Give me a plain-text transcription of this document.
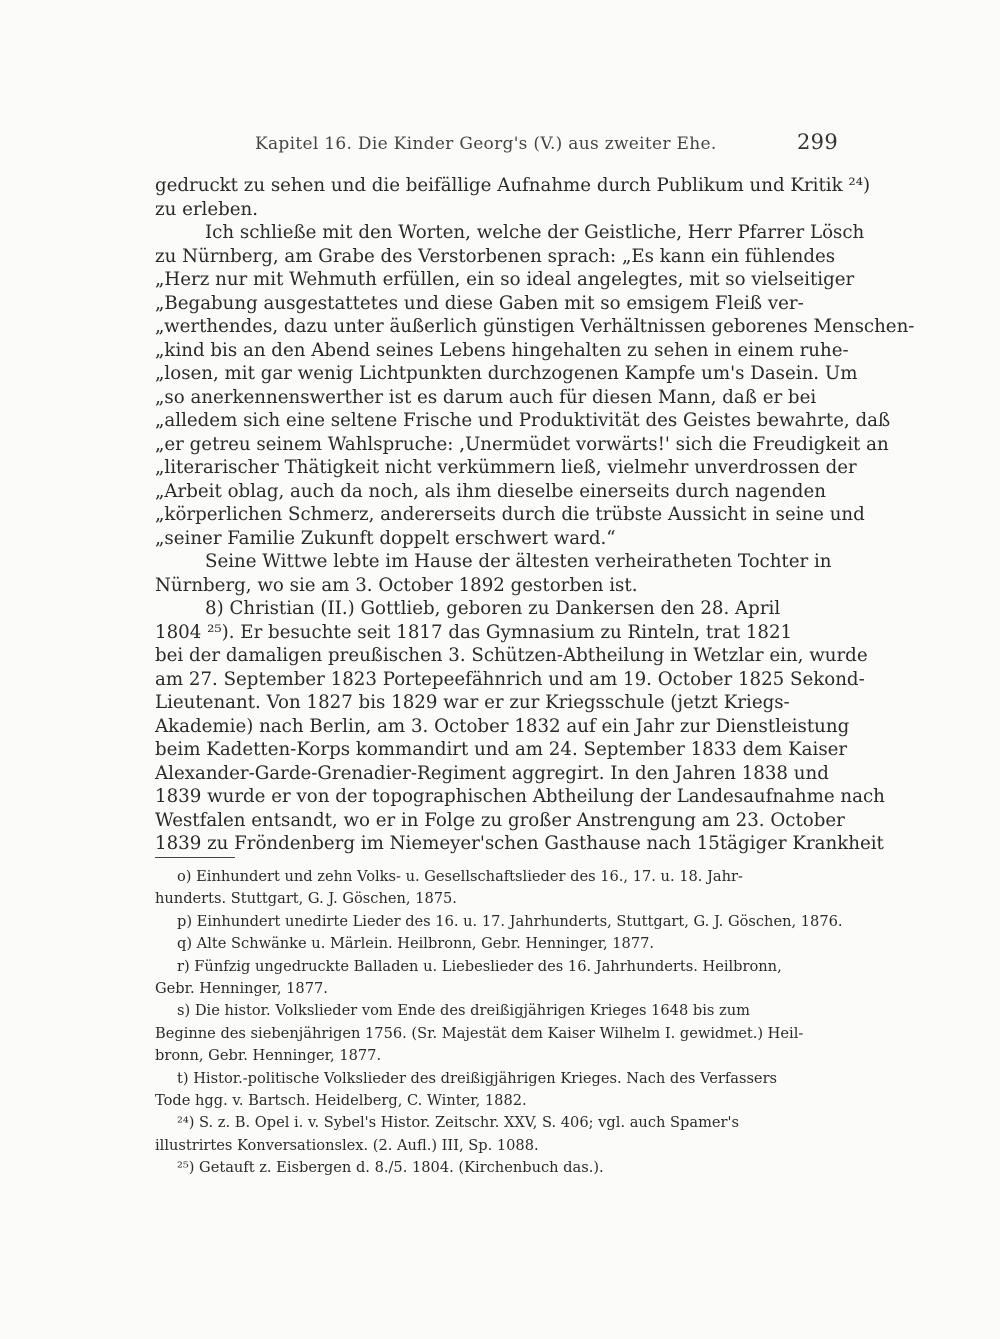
Kapitel 16. Die Kinder Georg's (V.) aus zweiter Ehe.	299
gedruckt zu sehen und die beifällige Aufnahme durch Publikum und Kritik ²⁴)
zu erleben.
Ich schließe mit den Worten, welche der Geistliche, Herr Pfarrer Lösch
zu Nürnberg, am Grabe des Verstorbenen sprach: „Es kann ein fühlendes
„Herz nur mit Wehmuth erfüllen, ein so ideal angelegtes, mit so vielseitiger
„Begabung ausgestattetes und diese Gaben mit so emsigem Fleiß ver-
„werthendes, dazu unter äußerlich günstigen Verhältnissen geborenes Menschen-
„kind bis an den Abend seines Lebens hingehalten zu sehen in einem ruhe-
„losen, mit gar wenig Lichtpunkten durchzogenen Kampfe um's Dasein. Um
„so anerkennenswerther ist es darum auch für diesen Mann, daß er bei
„alledem sich eine seltene Frische und Produktivität des Geistes bewahrte, daß
„er getreu seinem Wahlspruche: ‚Unermüdet vorwärts!' sich die Freudigkeit an
„literarischer Thätigkeit nicht verkümmern ließ, vielmehr unverdrossen der
„Arbeit oblag, auch da noch, als ihm dieselbe einerseits durch nagenden
„körperlichen Schmerz, andererseits durch die trübste Aussicht in seine und
„seiner Familie Zukunft doppelt erschwert ward.“
Seine Wittwe lebte im Hause der ältesten verheiratheten Tochter in
Nürnberg, wo sie am 3. October 1892 gestorben ist.
8) Christian (II.) Gottlieb, geboren zu Dankersen den 28. April
1804 ²⁵). Er besuchte seit 1817 das Gymnasium zu Rinteln, trat 1821
bei der damaligen preußischen 3. Schützen-Abtheilung in Wetzlar ein, wurde
am 27. September 1823 Portepeefähnrich und am 19. October 1825 Sekond-
Lieutenant. Von 1827 bis 1829 war er zur Kriegsschule (jetzt Kriegs-
Akademie) nach Berlin, am 3. October 1832 auf ein Jahr zur Dienstleistung
beim Kadetten-Korps kommandirt und am 24. September 1833 dem Kaiser
Alexander-Garde-Grenadier-Regiment aggregirt. In den Jahren 1838 und
1839 wurde er von der topographischen Abtheilung der Landesaufnahme nach
Westfalen entsandt, wo er in Folge zu großer Anstrengung am 23. October
1839 zu Fröndenberg im Niemeyer'schen Gasthause nach 15tägiger Krankheit
o) Einhundert und zehn Volks- u. Gesellschaftslieder des 16., 17. u. 18. Jahr-
hunderts. Stuttgart, G. J. Göschen, 1875.
p) Einhundert unedirte Lieder des 16. u. 17. Jahrhunderts, Stuttgart, G. J. Göschen, 1876.
q) Alte Schwänke u. Märlein. Heilbronn, Gebr. Henninger, 1877.
r) Fünfzig ungedruckte Balladen u. Liebeslieder des 16. Jahrhunderts. Heilbronn,
Gebr. Henninger, 1877.
s) Die histor. Volkslieder vom Ende des dreißigjährigen Krieges 1648 bis zum
Beginne des siebenjährigen 1756. (Sr. Majestät dem Kaiser Wilhelm I. gewidmet.) Heil-
bronn, Gebr. Henninger, 1877.
t) Histor.-politische Volkslieder des dreißigjährigen Krieges. Nach des Verfassers
Tode hgg. v. Bartsch. Heidelberg, C. Winter, 1882.
²⁴) S. z. B. Opel i. v. Sybel's Histor. Zeitschr. XXV, S. 406; vgl. auch Spamer's
illustrirtes Konversationslex. (2. Aufl.) III, Sp. 1088.
²⁵) Getauft z. Eisbergen d. 8./5. 1804. (Kirchenbuch das.).
